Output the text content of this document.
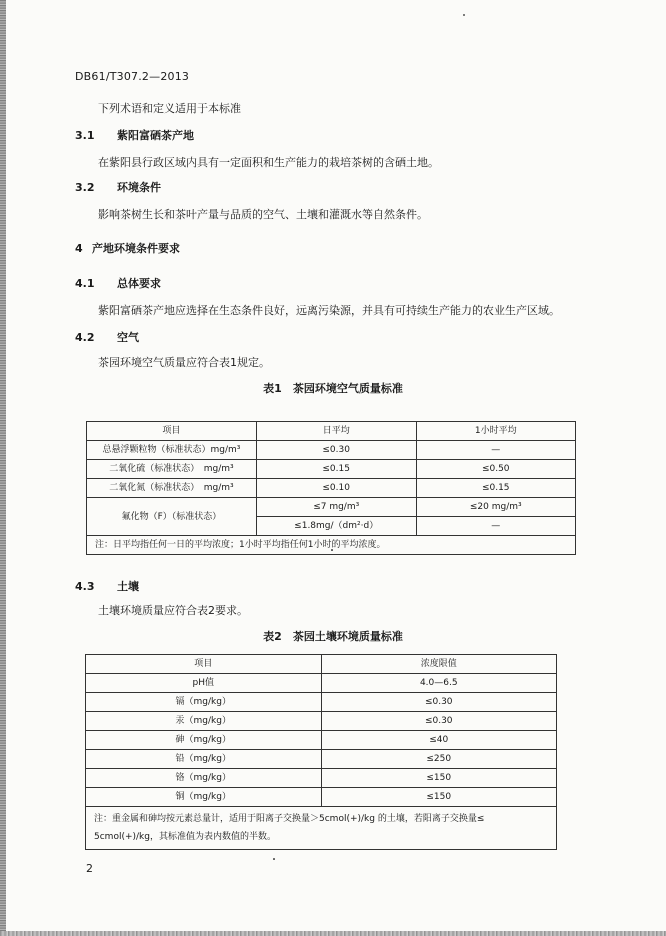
DB61/T307.2—2013
下列术语和定义适用于本标准
3.1 紫阳富硒茶产地
在紫阳县行政区域内具有一定面积和生产能力的栽培茶树的含硒土地。
3.2 环境条件
影响茶树生长和茶叶产量与品质的空气、土壤和灌溉水等自然条件。
4 产地环境条件要求
4.1 总体要求
紫阳富硒茶产地应选择在生态条件良好，远离污染源，并具有可持续生产能力的农业生产区域。
4.2 空气
茶园环境空气质量应符合表1规定。
表1　茶园环境空气质量标准
项目	日平均	1小时平均
总悬浮颗粒物（标准状态）mg/m³	≤0.30	—
二氧化硫（标准状态）　mg/m³	≤0.15	≤0.50
二氧化氮（标准状态）　mg/m³	≤0.10	≤0.15
氟化物（F）（标准状态）	≤7 mg/m³	≤20 mg/m³
	≤1.8mg/（dm²·d）	—
注：日平均指任何一日的平均浓度；1小时平均指任何1小时的平均浓度。		
4.3 土壤
土壤环境质量应符合表2要求。
表2　茶园土壤环境质量标准
项目	浓度限值
pH值	4.0—6.5
镉（mg/kg）	≤0.30
汞（mg/kg）	≤0.30
砷（mg/kg）	≤40
铅（mg/kg）	≤250
铬（mg/kg）	≤150
铜（mg/kg）	≤150

注：重金属和砷均按元素总量计，适用于阳离子交换量＞5cmol(+)/kg 的土壤，若阳离子交换量≤
5cmol(+)/kg，其标准值为表内数值的半数。	
2
